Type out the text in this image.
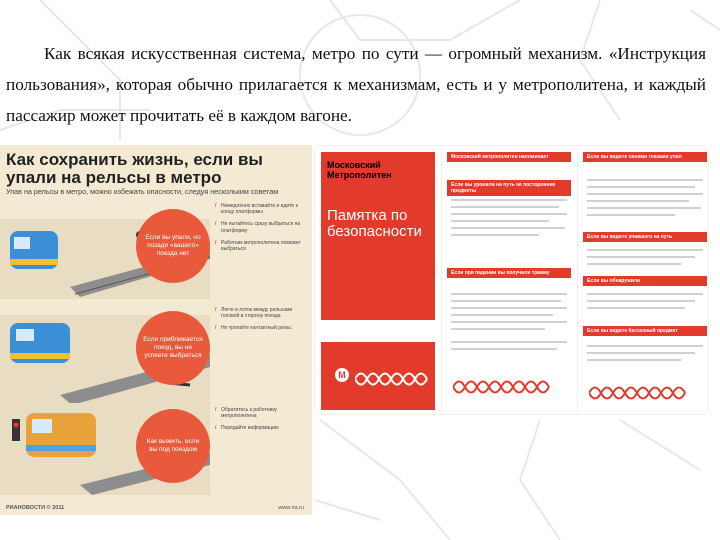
Как всякая искусственная система, метро по сути — огромный механизм. «Инструкция пользования», которая обычно прилагается к механизмам, есть и у метрополитена, и каждый пассажир может прочитать её в каждом вагоне.

Как сохранить жизнь, если вы упали на рельсы в метро
Упав на рельсы в метро, можно избежать опасности, следуя нескольким советам
Если вы упали, но позади «вашего» поезда нет
/ Немедленно вставайте и идите к концу платформы
/ Не пытайтесь сразу выбраться на платформу
/ Работник метрополитена поможет выбраться
Если приближается поезд, вы не успеете выбраться
/ Лягте в лоток между рельсами головой в сторону поезда
/ Не трогайте контактный рельс
Как выжить, если вы под поездом
/ Обратитесь к работнику метрополитена
/ Передайте информацию
РИАНОВОСТИ © 2011	www.ria.ru
Московский Метрополитен
Памятка по безопасности
М
Московский метрополитен напоминает
Если вы уронили на путь не посторонние предметы
Если при падении вы получили травму
Если вы видите своими глазами упал
Если вы видите упавшего на путь
Если вы обнаружили
Если вы видите бесхозный предмет
